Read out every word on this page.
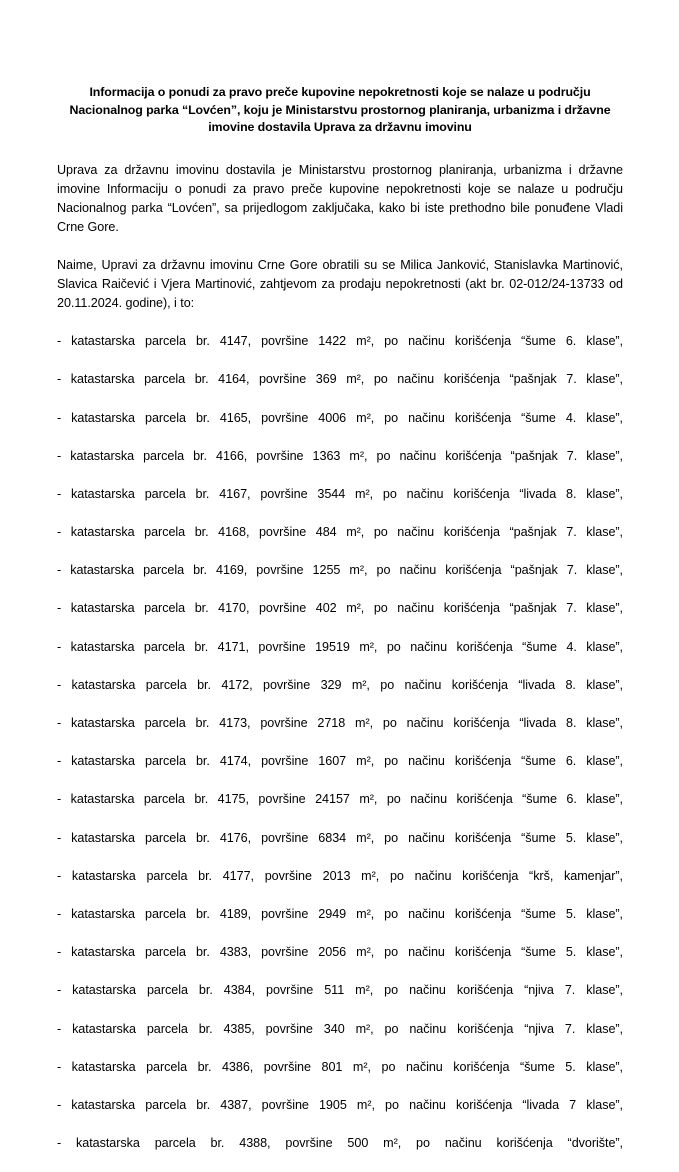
Informacija o ponudi za pravo preče kupovine nepokretnosti koje se nalaze u području Nacionalnog parka “Lovćen”, koju je Ministarstvu prostornog planiranja, urbanizma i državne imovine dostavila Uprava za državnu imovinu

Uprava za državnu imovinu dostavila je Ministarstvu prostornog planiranja, urbanizma i državne imovine Informaciju o ponudi za pravo preče kupovine nepokretnosti koje se nalaze u području Nacionalnog parka “Lovćen”, sa prijedlogom zaključaka, kako bi iste prethodno bile ponuđene Vladi Crne Gore.

Naime, Upravi za državnu imovinu Crne Gore obratili su se Milica Janković, Stanislavka Martinović, Slavica Raičević i Vjera Martinović, zahtjevom za prodaju nepokretnosti (akt br. 02-012/24-13733 od 20.11.2024. godine), i to:

- katastarska parcela br. 4147, površine 1422 m², po načinu korišćenja “šume 6. klase”,
- katastarska parcela br. 4164, površine 369 m², po načinu korišćenja “pašnjak 7. klase”,
- katastarska parcela br. 4165, površine 4006 m², po načinu korišćenja “šume 4. klase”,
- katastarska parcela br. 4166, površine 1363 m², po načinu korišćenja “pašnjak 7. klase”,
- katastarska parcela br. 4167, površine 3544 m², po načinu korišćenja “livada 8. klase”,
- katastarska parcela br. 4168, površine 484 m², po načinu korišćenja “pašnjak 7. klase”,
- katastarska parcela br. 4169, površine 1255 m², po načinu korišćenja “pašnjak 7. klase”,
- katastarska parcela br. 4170, površine 402 m², po načinu korišćenja “pašnjak 7. klase”,
- katastarska parcela br. 4171, površine 19519 m², po načinu korišćenja “šume 4. klase”,
- katastarska parcela br. 4172, površine 329 m², po načinu korišćenja “livada 8. klase”,
- katastarska parcela br. 4173, površine 2718 m², po načinu korišćenja “livada 8. klase”,
- katastarska parcela br. 4174, površine 1607 m², po načinu korišćenja “šume 6. klase”,
- katastarska parcela br. 4175, površine 24157 m², po načinu korišćenja “šume 6. klase”,
- katastarska parcela br. 4176, površine 6834 m², po načinu korišćenja “šume 5. klase”,
- katastarska parcela br. 4177, površine 2013 m², po načinu korišćenja “krš, kamenjar”,
- katastarska parcela br. 4189, površine 2949 m², po načinu korišćenja “šume 5. klase”,
- katastarska parcela br. 4383, površine 2056 m², po načinu korišćenja “šume 5. klase”,
- katastarska parcela br. 4384, površine 511 m², po načinu korišćenja “njiva 7. klase”,
- katastarska parcela br. 4385, površine 340 m², po načinu korišćenja “njiva 7. klase”,
- katastarska parcela br. 4386, površine 801 m², po načinu korišćenja “šume 5. klase”,
- katastarska parcela br. 4387, površine 1905 m², po načinu korišćenja “livada 7 klase”,
- katastarska parcela br. 4388, površine 500 m², po načinu korišćenja “dvorište”,
